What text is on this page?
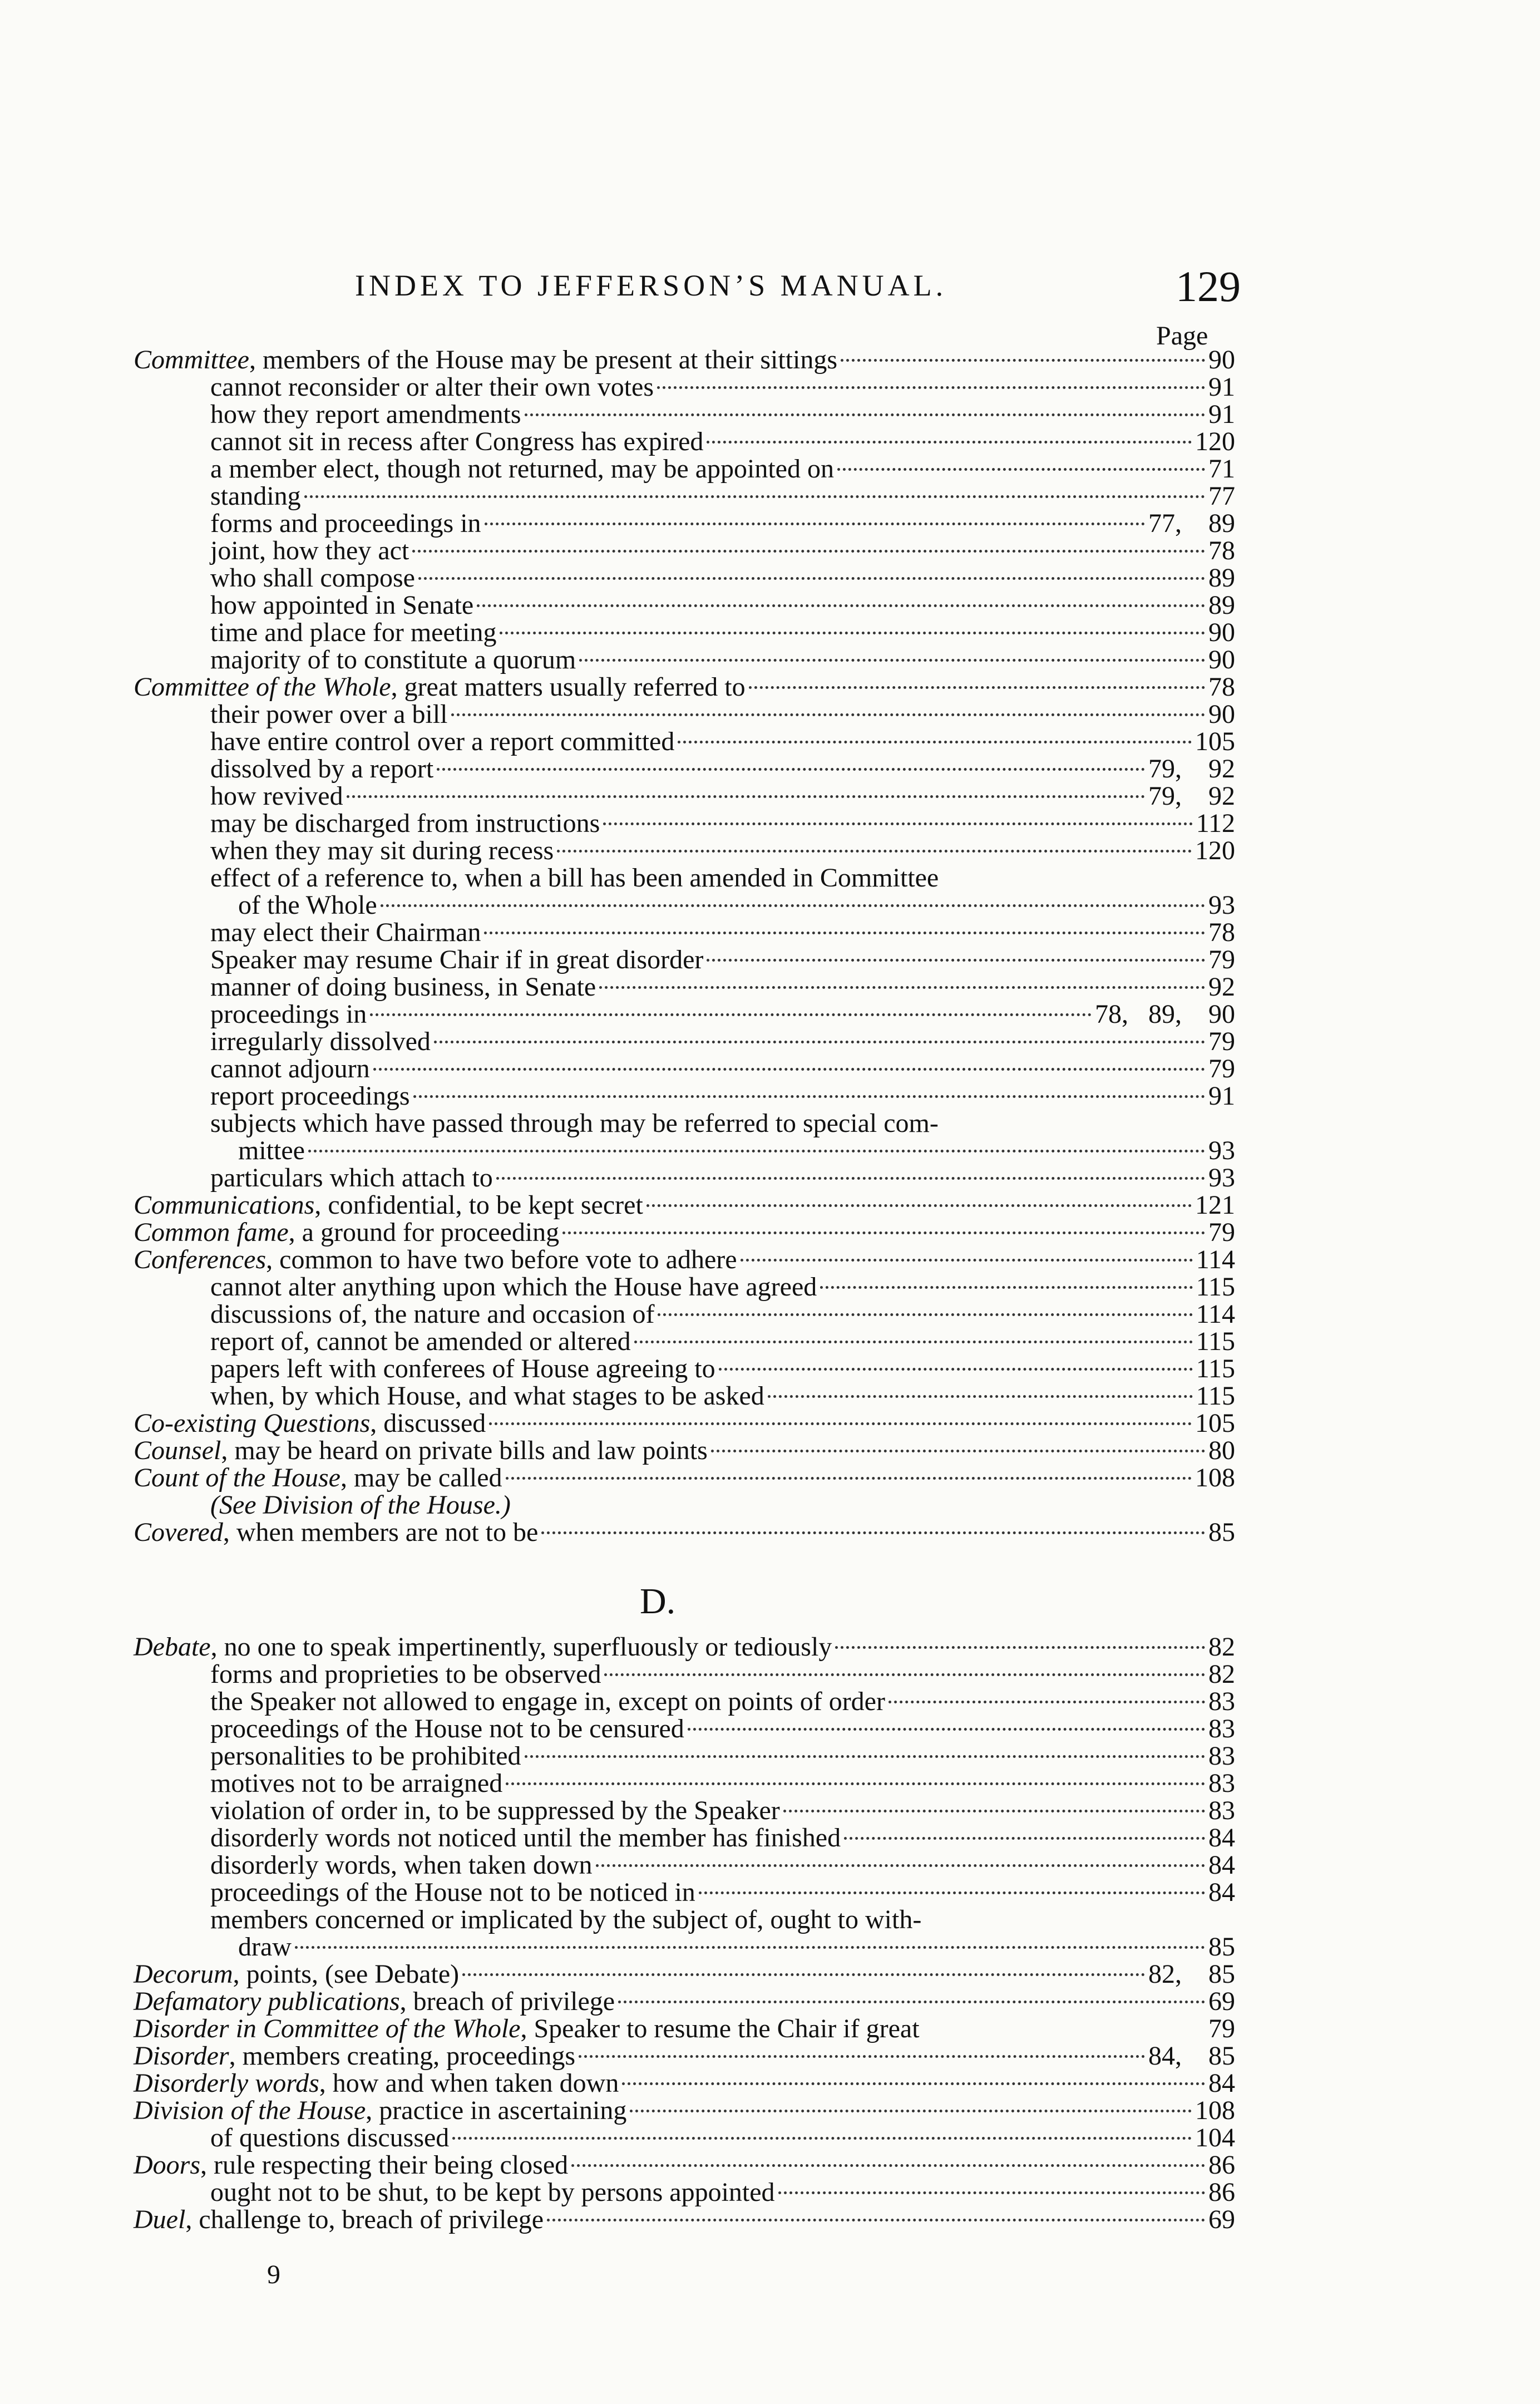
INDEX TO JEFFERSON’S MANUAL.	129
Page
Committee, members of the House may be present at their sittings	90
cannot reconsider or alter their own votes	91
how they report amendments	91
cannot sit in recess after Congress has expired	120
a member elect, though not returned, may be appointed on	71
standing	77
forms and proceedings in	77,    89
joint, how they act	78
who shall compose	89
how appointed in Senate	89
time and place for meeting	90
majority of to constitute a quorum	90
Committee of the Whole, great matters usually referred to	78
their power over a bill	90
have entire control over a report committed	105
dissolved by a report	79,    92
how revived	79,    92
may be discharged from instructions	112
when they may sit during recess	120
effect of a reference to, when a bill has been amended in Committee
of the Whole	93
may elect their Chairman	78
Speaker may resume Chair if in great disorder	79
manner of doing business, in Senate	92
proceedings in	78,   89,    90
irregularly dissolved	79
cannot adjourn	79
report proceedings	91
subjects which have passed through may be referred to special com-
mittee	93
particulars which attach to	93
Communications, confidential, to be kept secret	121
Common fame, a ground for proceeding	79
Conferences, common to have two before vote to adhere	114
cannot alter anything upon which the House have agreed	115
discussions of, the nature and occasion of	114
report of, cannot be amended or altered	115
papers left with conferees of House agreeing to	115
when, by which House, and what stages to be asked	115
Co-existing Questions, discussed	105
Counsel, may be heard on private bills and law points	80
Count of the House, may be called	108
(See Division of the House.)
Covered, when members are not to be	85
D.
Debate, no one to speak impertinently, superfluously or tediously	82
forms and proprieties to be observed	82
the Speaker not allowed to engage in, except on points of order	83
proceedings of the House not to be censured	83
personalities to be prohibited	83
motives not to be arraigned	83
violation of order in, to be suppressed by the Speaker	83
disorderly words not noticed until the member has finished	84
disorderly words, when taken down	84
proceedings of the House not to be noticed in	84
members concerned or implicated by the subject of, ought to with-
draw	85
Decorum, points, (see Debate)	82,    85
Defamatory publications, breach of privilege	69
Disorder in Committee of the Whole, Speaker to resume the Chair if great	79
Disorder, members creating, proceedings	84,    85
Disorderly words, how and when taken down	84
Division of the House, practice in ascertaining	108
of questions discussed	104
Doors, rule respecting their being closed	86
ought not to be shut, to be kept by persons appointed	86
Duel, challenge to, breach of privilege	69
9
